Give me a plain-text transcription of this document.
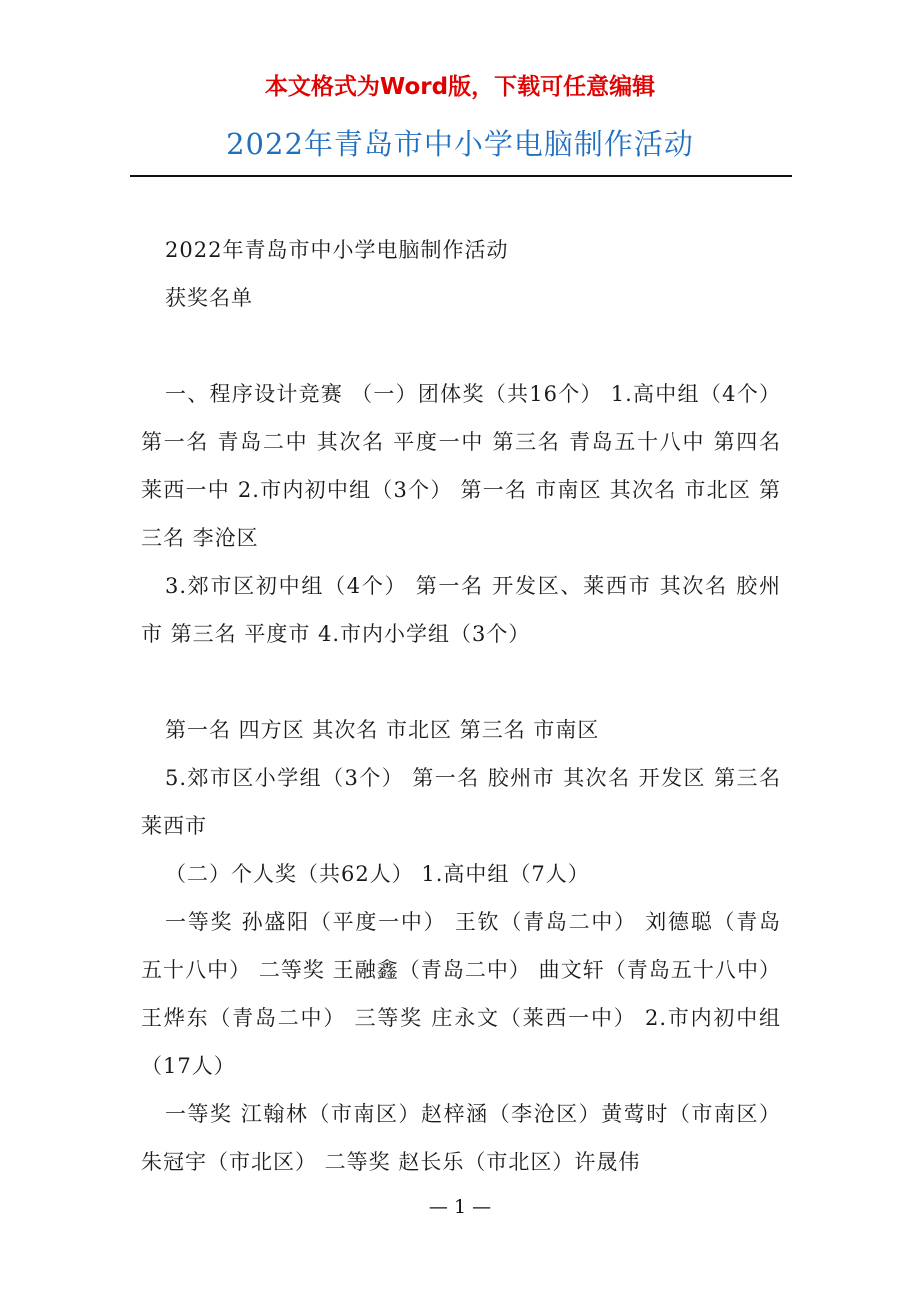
本文格式为Word版，下载可任意编辑
2022年青岛市中小学电脑制作活动

2022年青岛市中小学电脑制作活动

获奖名单

一、程序设计竞赛 （一）团体奖（共16个） 1.高中组（4个） 第一名 青岛二中 其次名 平度一中 第三名 青岛五十八中 第四名 莱西一中 2.市内初中组（3个） 第一名 市南区 其次名 市北区 第三名 李沧区

3.郊市区初中组（4个） 第一名 开发区、莱西市 其次名 胶州市 第三名 平度市 4.市内小学组（3个）

第一名 四方区 其次名 市北区 第三名 市南区

5.郊市区小学组（3个） 第一名 胶州市 其次名 开发区 第三名 莱西市

（二）个人奖（共62人） 1.高中组（7人）

一等奖 孙盛阳（平度一中） 王钦（青岛二中） 刘德聪（青岛五十八中） 二等奖 王融鑫（青岛二中） 曲文轩（青岛五十八中） 王烨东（青岛二中） 三等奖 庄永文（莱西一中） 2.市内初中组（17人）

一等奖 江翰林（市南区）赵梓涵（李沧区）黄莺时（市南区）朱冠宇（市北区） 二等奖 赵长乐（市北区）许晟伟

— 1 —
